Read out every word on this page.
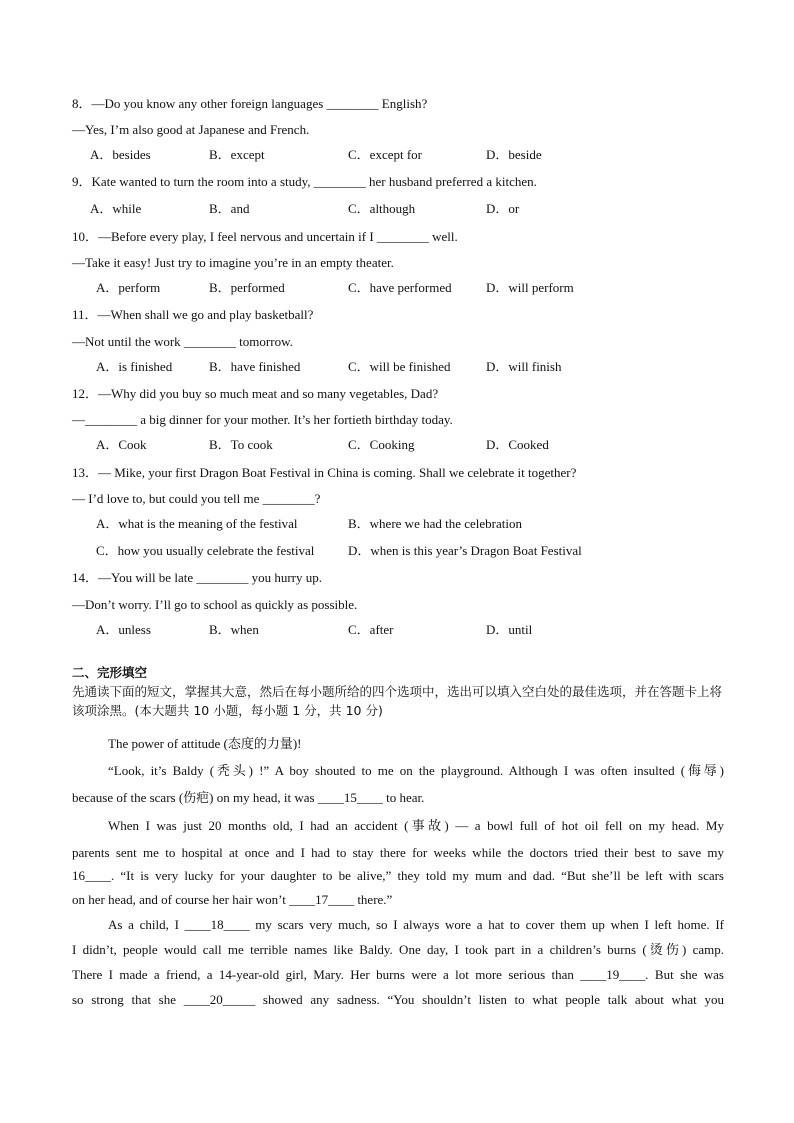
8．—Do you know any other foreign languages ________ English?
—Yes, I’m also good at Japanese and French.
A．besides	B．except	C．except for	D．beside
9．Kate wanted to turn the room into a study, ________ her husband preferred a kitchen.
A．while	B．and	C．although	D．or
10．—Before every play, I feel nervous and uncertain if I ________ well.
—Take it easy! Just try to imagine you’re in an empty theater.
A．perform	B．performed	C．have performed	D．will perform
11．—When shall we go and play basketball?
—Not until the work ________ tomorrow.
A．is finished	B．have finished	C．will be finished	D．will finish
12．—Why did you buy so much meat and so many vegetables, Dad?
—________ a big dinner for your mother. It’s her fortieth birthday today.
A．Cook	B．To cook	C．Cooking	D．Cooked
13．— Mike, your first Dragon Boat Festival in China is coming. Shall we celebrate it together?
— I’d love to, but could you tell me ________?
A．what is the meaning of the festival	B．where we had the celebration
C．how you usually celebrate the festival	D．when is this year’s Dragon Boat Festival
14．—You will be late ________ you hurry up.
—Don’t worry. I’ll go to school as quickly as possible.
A．unless	B．when	C．after	D．until
二、完形填空
先通读下面的短文，掌握其大意，然后在每小题所给的四个选项中，选出可以填入空白处的最佳选项，并在答题卡上将该项涂黑。(本大题共 10 小题，每小题 1 分，共 10 分)
The power of attitude (态度的力量)!
“Look, it’s Baldy (秃头) !” A boy shouted to me on the playground. Although I was often insulted (侮辱)
because of the scars (伤疤) on my head, it was ____15____ to hear.
When I was just 20 months old, I had an accident (事故) — a bowl full of hot oil fell on my head. My
parents sent me to hospital at once and I had to stay there for weeks while the doctors tried their best to save my
16____. “It is very lucky for your daughter to be alive,” they told my mum and dad. “But she’ll be left with scars
on her head, and of course her hair won’t ____17____ there.”
As a child, I ____18____ my scars very much, so I always wore a hat to cover them up when I left home. If
I didn’t, people would call me terrible names like Baldy. One day, I took part in a children’s burns (烫伤) camp.
There I made a friend, a 14-year-old girl, Mary. Her burns were a lot more serious than ____19____. But she was
so strong that she ____20_____ showed any sadness. “You shouldn’t listen to what people talk about what you
